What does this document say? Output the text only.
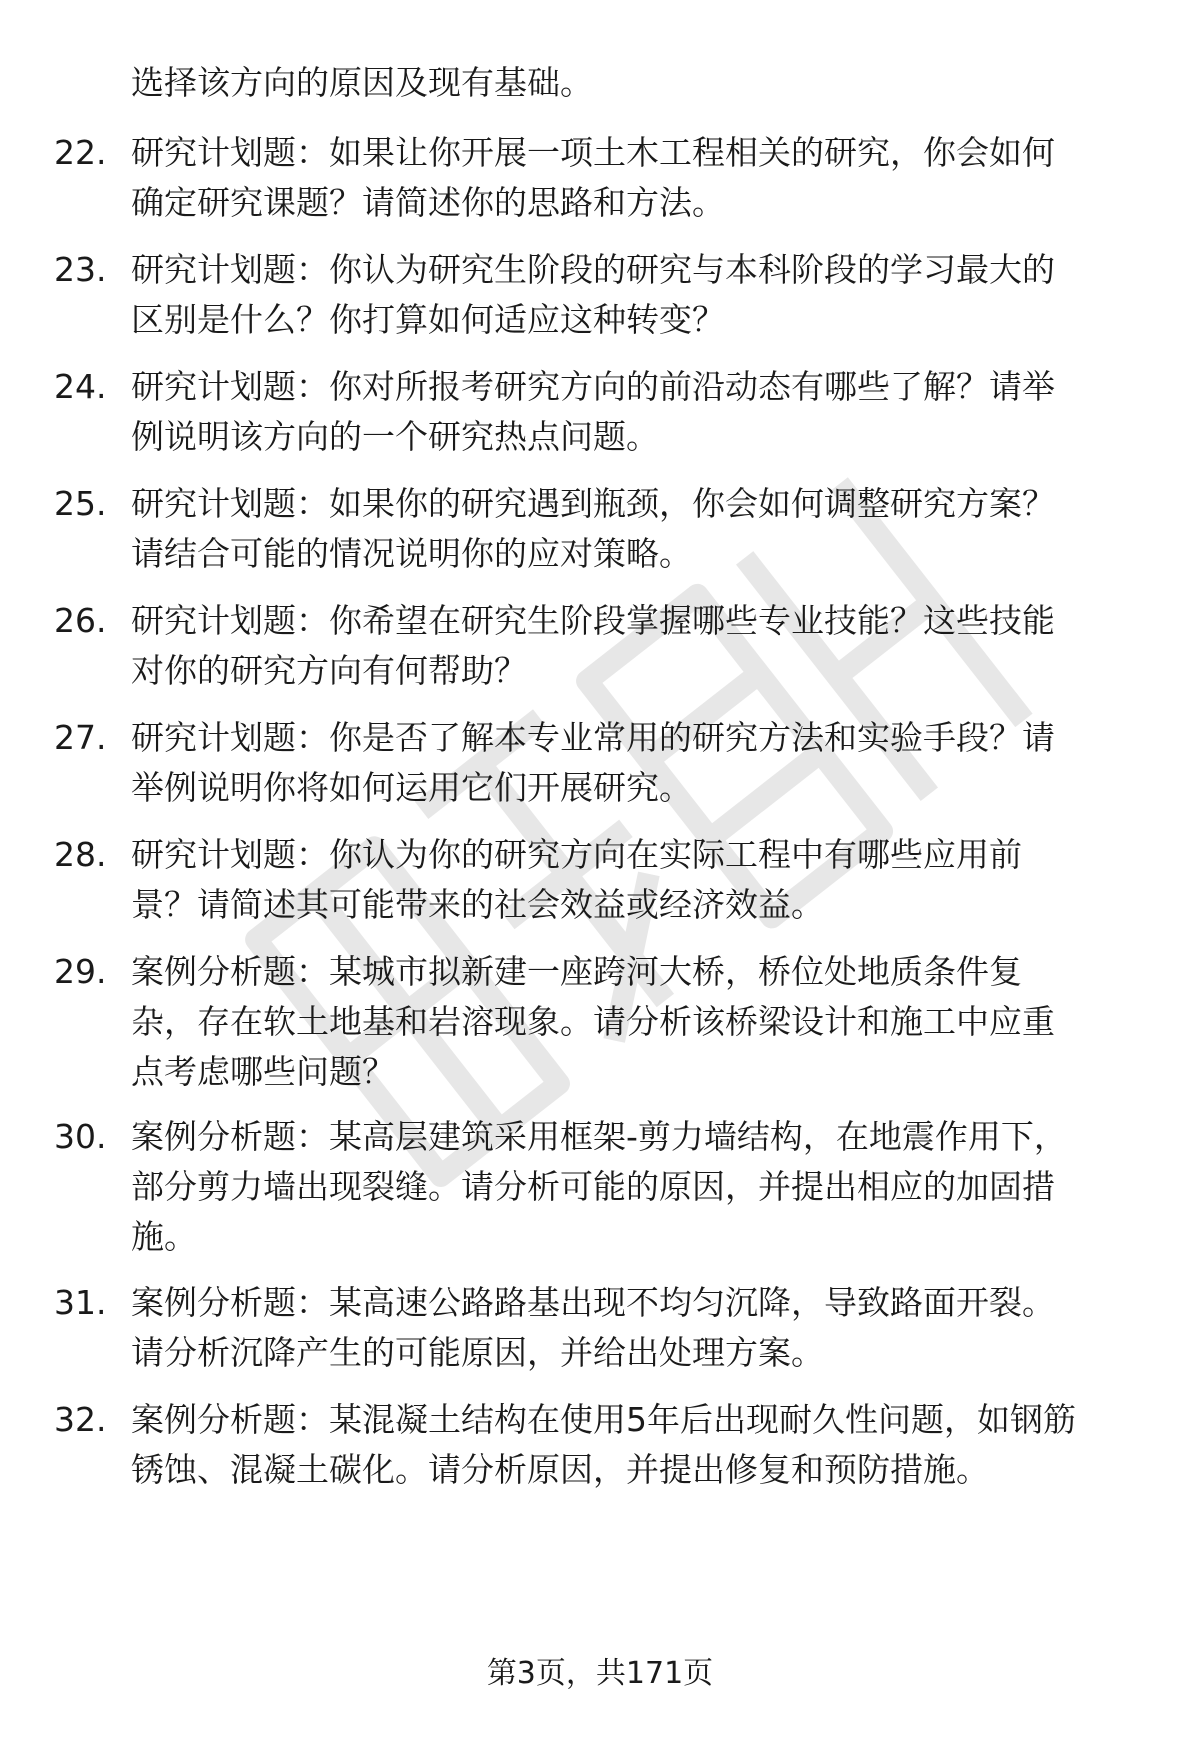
选择该方向的原因及现有基础。
22. 研究计划题：如果让你开展一项土木工程相关的研究，你会如何
确定研究课题？请简述你的思路和方法。
23. 研究计划题：你认为研究生阶段的研究与本科阶段的学习最大的
区别是什么？你打算如何适应这种转变？
24. 研究计划题：你对所报考研究方向的前沿动态有哪些了解？请举
例说明该方向的一个研究热点问题。
25. 研究计划题：如果你的研究遇到瓶颈，你会如何调整研究方案？
请结合可能的情况说明你的应对策略。
26. 研究计划题：你希望在研究生阶段掌握哪些专业技能？这些技能
对你的研究方向有何帮助？
27. 研究计划题：你是否了解本专业常用的研究方法和实验手段？请
举例说明你将如何运用它们开展研究。
28. 研究计划题：你认为你的研究方向在实际工程中有哪些应用前
景？请简述其可能带来的社会效益或经济效益。
29. 案例分析题：某城市拟新建一座跨河大桥，桥位处地质条件复
杂，存在软土地基和岩溶现象。请分析该桥梁设计和施工中应重
点考虑哪些问题？
30. 案例分析题：某高层建筑采用框架-剪力墙结构，在地震作用下，
部分剪力墙出现裂缝。请分析可能的原因，并提出相应的加固措
施。
31. 案例分析题：某高速公路路基出现不均匀沉降，导致路面开裂。
请分析沉降产生的可能原因，并给出处理方案。
32. 案例分析题：某混凝土结构在使用5年后出现耐久性问题，如钢筋
锈蚀、混凝土碳化。请分析原因，并提出修复和预防措施。
第3页，共171页
